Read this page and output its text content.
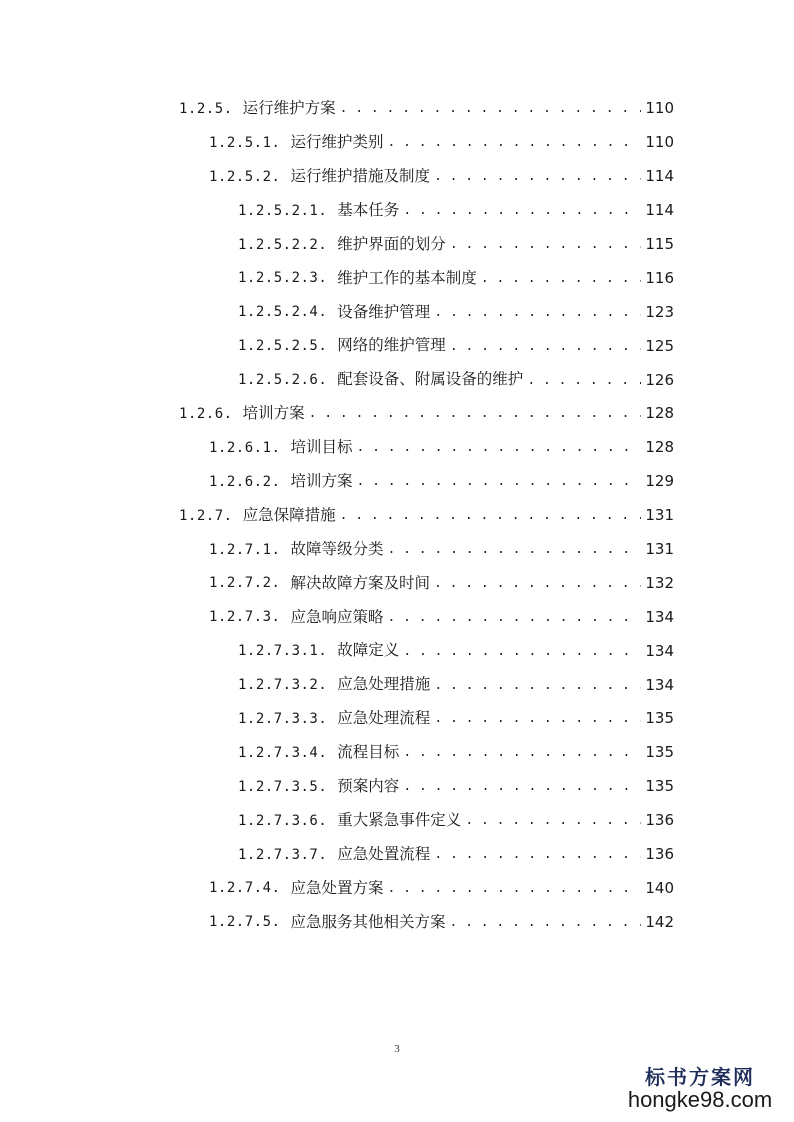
1.2.5. 运行维护方案 . . .	110
1.2.5.1. 运行维护类别 . . .	110
1.2.5.2. 运行维护措施及制度 . . .	114
1.2.5.2.1. 基本任务 . . .	114
1.2.5.2.2. 维护界面的划分 . . .	115
1.2.5.2.3. 维护工作的基本制度 . . .	116
1.2.5.2.4. 设备维护管理 . . .	123
1.2.5.2.5. 网络的维护管理 . . .	125
1.2.5.2.6. 配套设备、附属设备的维护 . . .	126
1.2.6. 培训方案 . . .	128
1.2.6.1. 培训目标 . . .	128
1.2.6.2. 培训方案 . . .	129
1.2.7. 应急保障措施 . . .	131
1.2.7.1. 故障等级分类 . . .	131
1.2.7.2. 解决故障方案及时间 . . .	132
1.2.7.3. 应急响应策略 . . .	134
1.2.7.3.1. 故障定义 . . .	134
1.2.7.3.2. 应急处理措施 . . .	134
1.2.7.3.3. 应急处理流程 . . .	135
1.2.7.3.4. 流程目标 . . .	135
1.2.7.3.5. 预案内容 . . .	135
1.2.7.3.6. 重大紧急事件定义 . . .	136
1.2.7.3.7. 应急处置流程 . . .	136
1.2.7.4. 应急处置方案 . . .	140
1.2.7.5. 应急服务其他相关方案 . . .	142
3
标书方案网
hongke98.com
